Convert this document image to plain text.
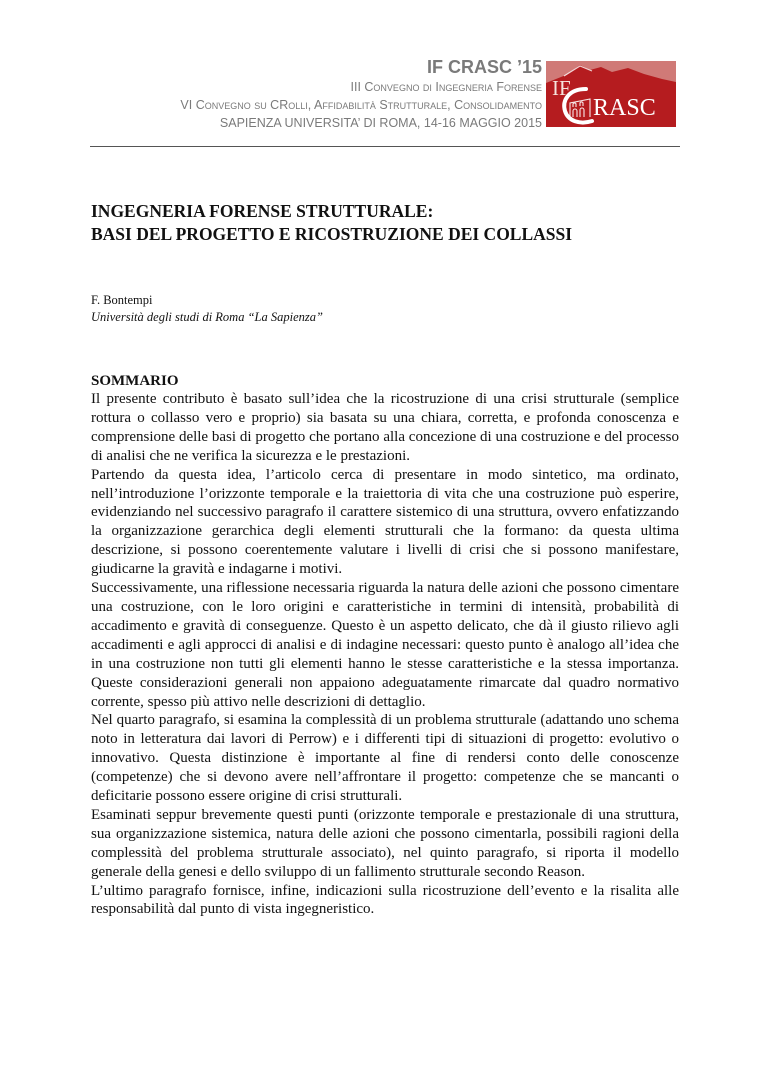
IF CRASC ’15
III Convegno di Ingegneria Forense
VI Convegno su CRolli, Affidabilità Strutturale, Consolidamento
SAPIENZA UNIVERSITA’ DI ROMA, 14-16 MAGGIO 2015
IF
RASC
INGEGNERIA FORENSE STRUTTURALE:
BASI DEL PROGETTO E RICOSTRUZIONE DEI COLLASSI

F. Bontempi

Università degli studi di Roma “La Sapienza”

SOMMARIO

Il presente contributo è basato sull’idea che la ricostruzione di una crisi strutturale (semplice rottura o collasso vero e proprio) sia basata su una chiara, corretta, e profonda conoscenza e comprensione delle basi di progetto che portano alla concezione di una costruzione e del processo di analisi che ne verifica la sicurezza e le prestazioni.

Partendo da questa idea, l’articolo cerca di presentare in modo sintetico, ma ordinato, nell’introduzione l’orizzonte temporale e la traiettoria di vita che una costruzione può esperire, evidenziando nel successivo paragrafo il carattere sistemico di una struttura, ovvero enfatizzando la organizzazione gerarchica degli elementi strutturali che la formano: da questa ultima descrizione, si possono coerentemente valutare i livelli di crisi che si possono manifestare, giudicarne la gravità e indagarne i motivi.

Successivamente, una riflessione necessaria riguarda la natura delle azioni che possono cimentare una costruzione, con le loro origini e caratteristiche in termini di intensità, probabilità di accadimento e gravità di conseguenze. Questo è un aspetto delicato, che dà il giusto rilievo agli accadimenti e agli approcci di analisi e di indagine necessari: questo punto è analogo all’idea che in una costruzione non tutti gli elementi hanno le stesse caratteristiche e la stessa importanza. Queste considerazioni generali non appaiono adeguatamente rimarcate dal quadro normativo corrente, spesso più attivo nelle descrizioni di dettaglio.

Nel quarto paragrafo, si esamina la complessità di un problema strutturale (adattando uno schema noto in letteratura dai lavori di Perrow) e i differenti tipi di situazioni di progetto: evolutivo o innovativo. Questa distinzione è importante al fine di rendersi conto delle conoscenze (competenze) che si devono avere nell’affrontare il progetto: competenze che se mancanti o deficitarie possono essere origine di crisi strutturali.

Esaminati seppur brevemente questi punti (orizzonte temporale e prestazionale di una struttura, sua organizzazione sistemica, natura delle azioni che possono cimentarla, possibili ragioni della complessità del problema strutturale associato), nel quinto paragrafo, si riporta il modello generale della genesi e dello sviluppo di un fallimento strutturale secondo Reason.

L’ultimo paragrafo fornisce, infine, indicazioni sulla ricostruzione dell’evento e la risalita alle responsabilità dal punto di vista ingegneristico.
